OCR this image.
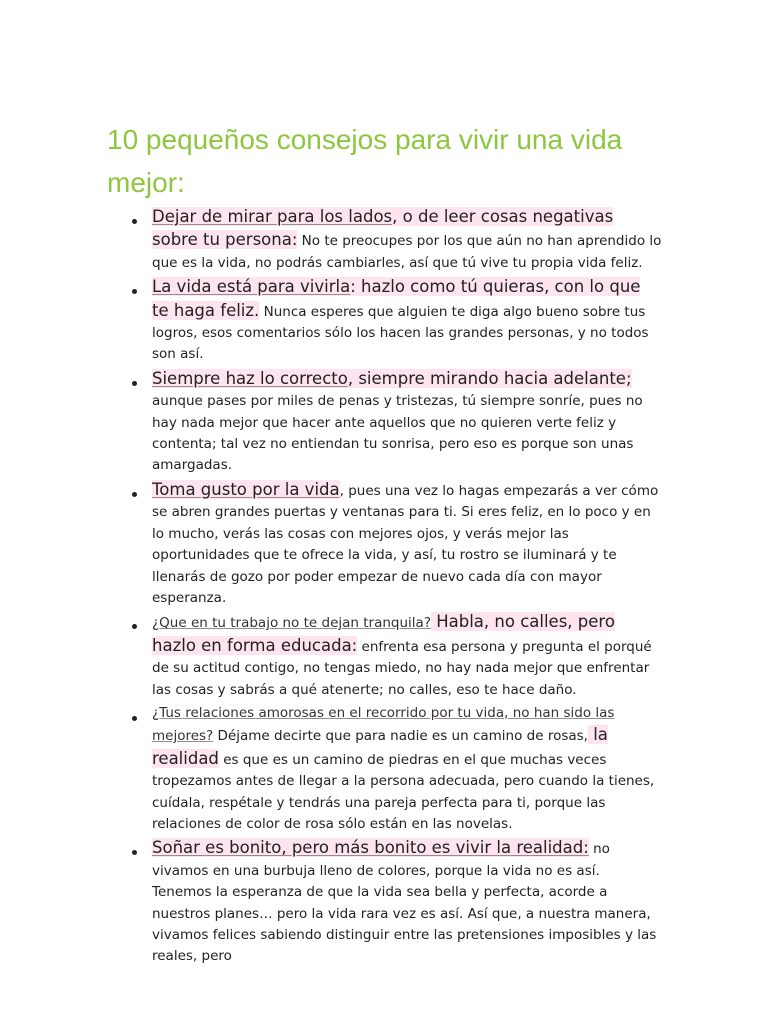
10 pequeños consejos para vivir una vida mejor:
Dejar de mirar para los lados, o de leer cosas negativas sobre tu persona: No te preocupes por los que aún no han aprendido lo que es la vida, no podrás cambiarles, así que tú vive tu propia vida feliz.
La vida está para vivirla: hazlo como tú quieras, con lo que te haga feliz. Nunca esperes que alguien te diga algo bueno sobre tus logros, esos comentarios sólo los hacen las grandes personas, y no todos son así.
Siempre haz lo correcto, siempre mirando hacia adelante; aunque pases por miles de penas y tristezas, tú siempre sonríe, pues no hay nada mejor que hacer ante aquellos que no quieren verte feliz y contenta; tal vez no entiendan tu sonrisa, pero eso es porque son unas amargadas.
Toma gusto por la vida, pues una vez lo hagas empezarás a ver cómo se abren grandes puertas y ventanas para ti. Si eres feliz, en lo poco y en lo mucho, verás las cosas con mejores ojos, y verás mejor las oportunidades que te ofrece la vida, y así, tu rostro se iluminará y te llenarás de gozo por poder empezar de nuevo cada día con mayor esperanza.
¿Que en tu trabajo no te dejan tranquila? Habla, no calles, pero hazlo en forma educada: enfrenta esa persona y pregunta el porqué de su actitud contigo, no tengas miedo, no hay nada mejor que enfrentar las cosas y sabrás a qué atenerte; no calles, eso te hace daño.
¿Tus relaciones amorosas en el recorrido por tu vida, no han sido las mejores? Déjame decirte que para nadie es un camino de rosas, la realidad es que es un camino de piedras en el que muchas veces tropezamos antes de llegar a la persona adecuada, pero cuando la tienes, cuídala, respétale y tendrás una pareja perfecta para ti, porque las relaciones de color de rosa sólo están en las novelas.
Soñar es bonito, pero más bonito es vivir la realidad: no vivamos en una burbuja lleno de colores, porque la vida no es así. Tenemos la esperanza de que la vida sea bella y perfecta, acorde a nuestros planes… pero la vida rara vez es así. Así que, a nuestra manera, vivamos felices sabiendo distinguir entre las pretensiones imposibles y las reales, pero
